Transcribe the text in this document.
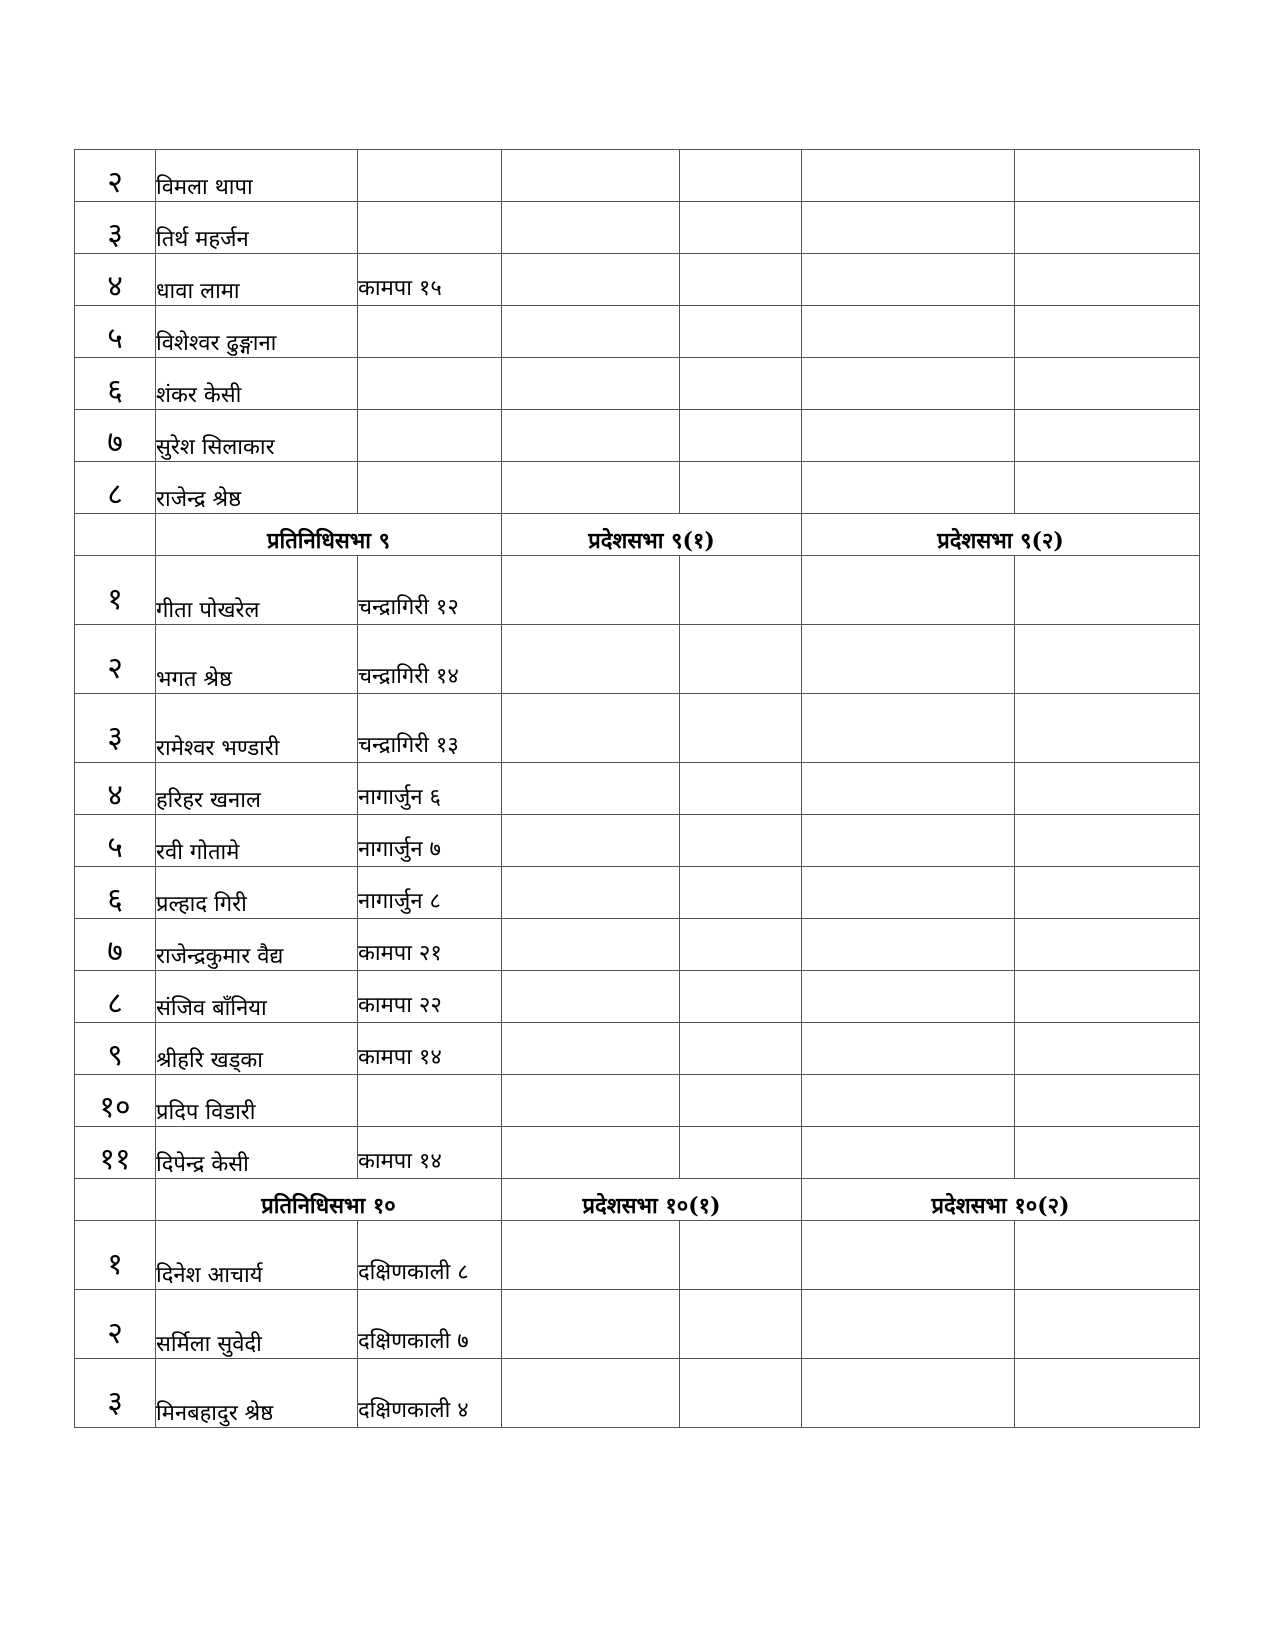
२	विमला थापा					
३	तिर्थ महर्जन					
४	धावा लामा	कामपा १५				
५	विशेश्वर ढुङ्गाना					
६	शंकर केसी					
७	सुरेश सिलाकार					
८	राजेन्द्र श्रेष्ठ					
	प्रतिनिधिसभा ९		प्रदेशसभा ९(१)		प्रदेशसभा ९(२)	
१	गीता पोखरेल	चन्द्रागिरी १२				
२	भगत श्रेष्ठ	चन्द्रागिरी १४				
३	रामेश्वर भण्डारी	चन्द्रागिरी १३				
४	हरिहर खनाल	नागार्जुन ६				
५	रवी गोतामे	नागार्जुन ७				
६	प्रल्हाद गिरी	नागार्जुन ८				
७	राजेन्द्रकुमार वैद्य	कामपा २१				
८	संजिव बाँनिया	कामपा २२				
९	श्रीहरि खड्का	कामपा १४				
१०	प्रदिप विडारी					
११	दिपेन्द्र केसी	कामपा १४				
	प्रतिनिधिसभा १०		प्रदेशसभा १०(१)		प्रदेशसभा १०(२)	
१	दिनेश आचार्य	दक्षिणकाली ८				
२	सर्मिला सुवेदी	दक्षिणकाली ७				
३	मिनबहादुर श्रेष्ठ	दक्षिणकाली ४				
